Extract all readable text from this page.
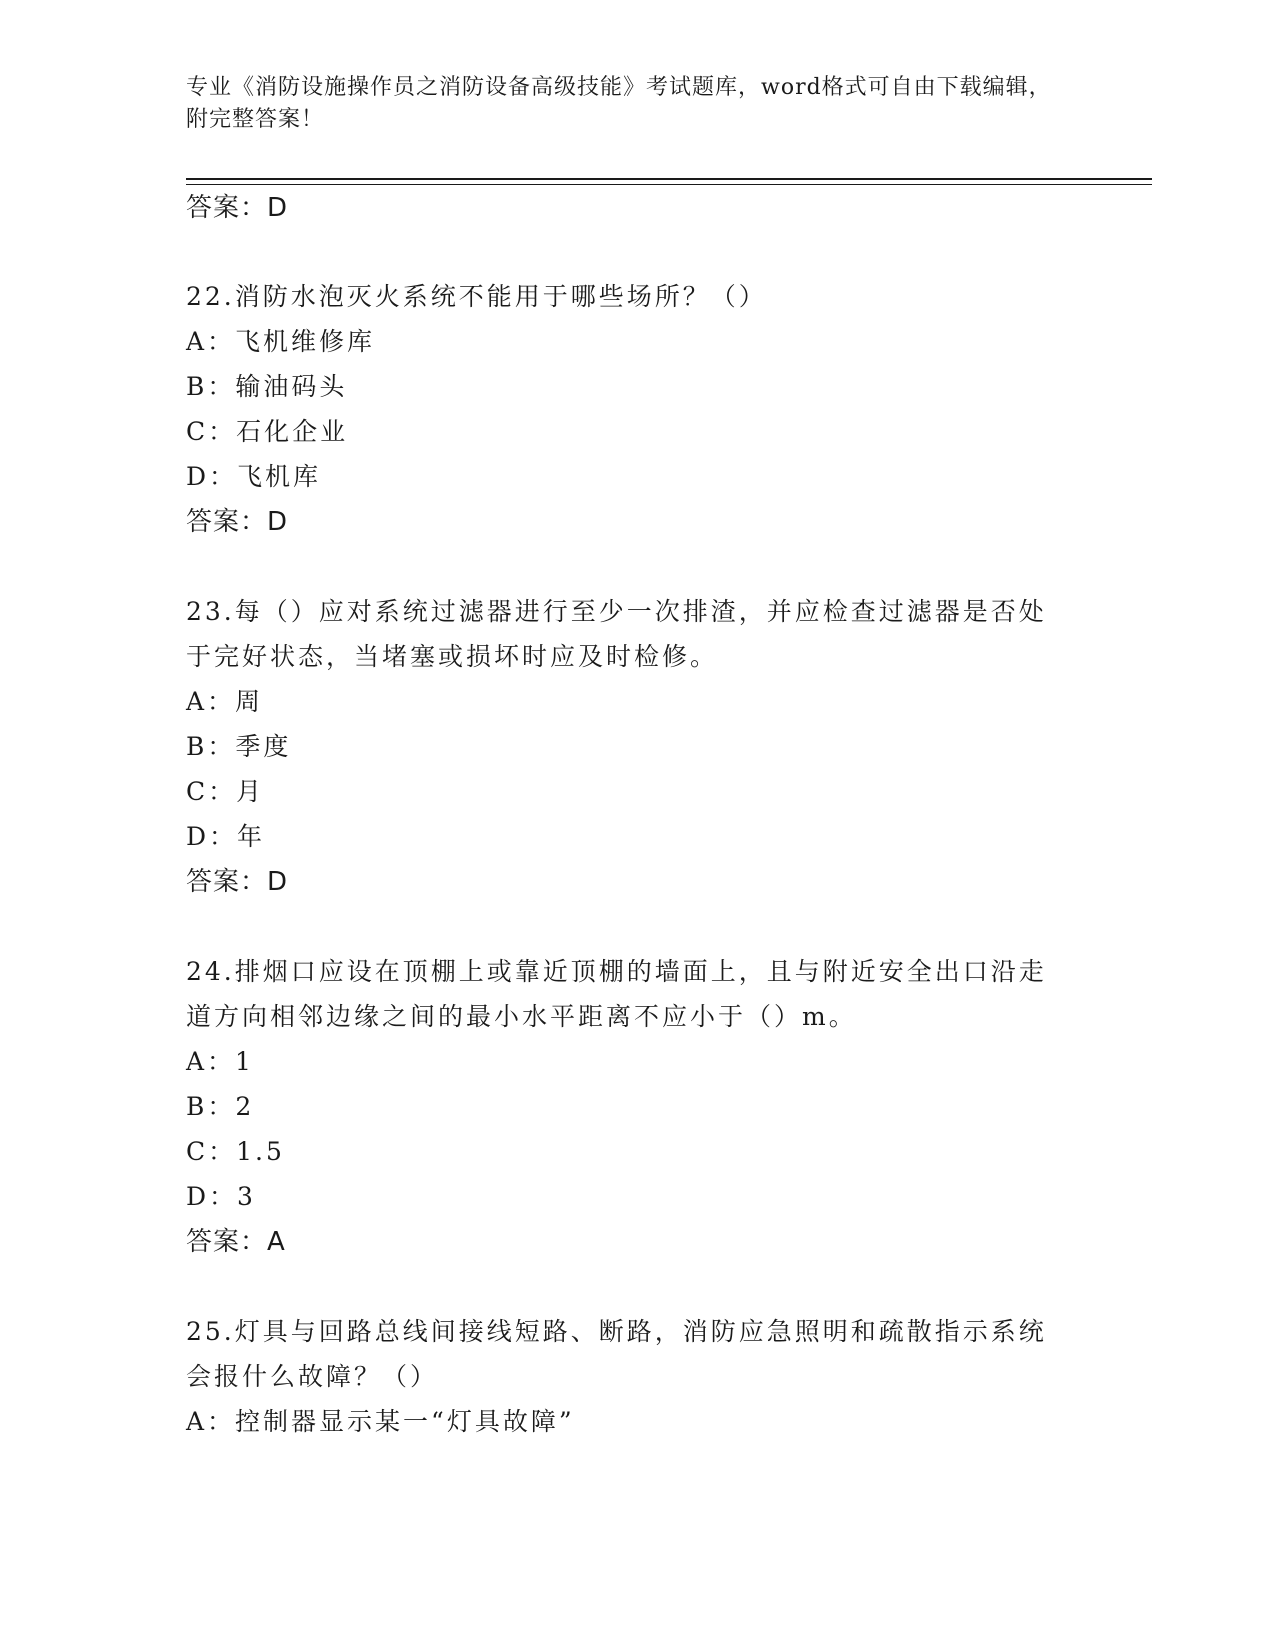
专业《消防设施操作员之消防设备高级技能》考试题库，word格式可自由下载编辑，附完整答案！
答案：D
22.消防水泡灭火系统不能用于哪些场所？（）
A：飞机维修库
B：输油码头
C：石化企业
D：飞机库
答案：D
23.每（）应对系统过滤器进行至少一次排渣，并应检查过滤器是否处
于完好状态，当堵塞或损坏时应及时检修。
A：周
B：季度
C：月
D：年
答案：D
24.排烟口应设在顶棚上或靠近顶棚的墙面上，且与附近安全出口沿走
道方向相邻边缘之间的最小水平距离不应小于（）m。
A：1
B：2
C：1.5
D：3
答案：A
25.灯具与回路总线间接线短路、断路，消防应急照明和疏散指示系统
会报什么故障？（）
A：控制器显示某一“灯具故障”
